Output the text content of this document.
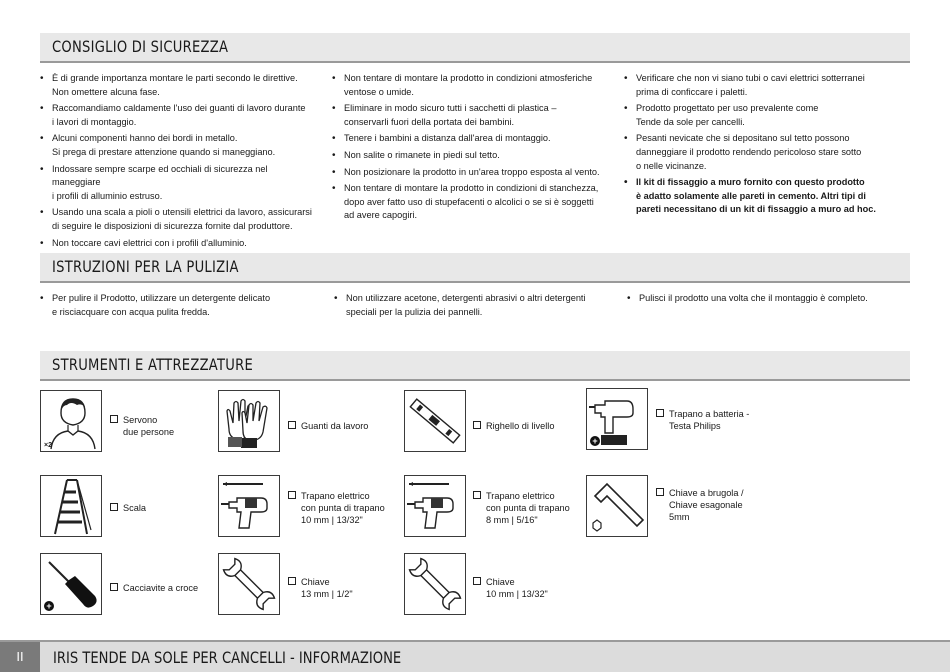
CONSIGLIO DI SICUREZZA
• È di grande importanza montare le parti secondo le direttive.
Non omettere alcuna fase.
• Raccomandiamo caldamente l'uso dei guanti di lavoro durante
i lavori di montaggio.
• Alcuni componenti hanno dei bordi in metallo.
Si prega di prestare attenzione quando si maneggiano.
• Indossare sempre scarpe ed occhiali di sicurezza nel maneggiare
i profili di alluminio estruso.
• Usando una scala a pioli o utensili elettrici da lavoro, assicurarsi
di seguire le disposizioni di sicurezza fornite dal produttore.
• Non toccare cavi elettrici con i profili d'alluminio.
• Non tentare di montare la prodotto in condizioni atmosferiche
ventose o umide.
• Eliminare in modo sicuro tutti i sacchetti di plastica –
conservarli fuori della portata dei bambini.
• Tenere i bambini a distanza dall'area di montaggio.
• Non salite o rimanete in piedi sul tetto.
• Non posizionare la prodotto in un'area troppo esposta al vento.
• Non tentare di montare la prodotto in condizioni di stanchezza,
dopo aver fatto uso di stupefacenti o alcolici o se si è soggetti
ad avere capogiri.
• Verificare che non vi siano tubi o cavi elettrici sotterranei
prima di conficcare i paletti.
• Prodotto progettato per uso prevalente come
Tende da sole per cancelli.
• Pesanti nevicate che si depositano sul tetto possono
danneggiare il prodotto rendendo pericoloso stare sotto
o nelle vicinanze.
• Il kit di fissaggio a muro fornito con questo prodotto
è adatto solamente alle pareti in cemento. Altri tipi di
pareti necessitano di un kit di fissaggio a muro ad hoc.
ISTRUZIONI PER LA PULIZIA
• Per pulire il Prodotto, utilizzare un detergente delicato
e risciacquare con acqua pulita fredda.
• Non utilizzare acetone, detergenti abrasivi o altri detergenti
speciali per la pulizia dei pannelli.
• Pulisci il prodotto una volta che il montaggio è completo.
STRUMENTI E ATTREZZATURE
×2
Servono
due persone
Guanti da lavoro	Righello di livello
+
Trapano a batteria -
Testa Philips
Scala
Trapano elettrico
con punta di trapano
10 mm | 13/32"
Trapano elettrico
con punta di trapano
8 mm | 5/16"
Chiave a brugola /
Chiave esagonale
5mm
+
Cacciavite a croce
Chiave
13 mm | 1/2"
Chiave
10 mm | 13/32"
II	IRIS TENDE DA SOLE PER CANCELLI - INFORMAZIONE
